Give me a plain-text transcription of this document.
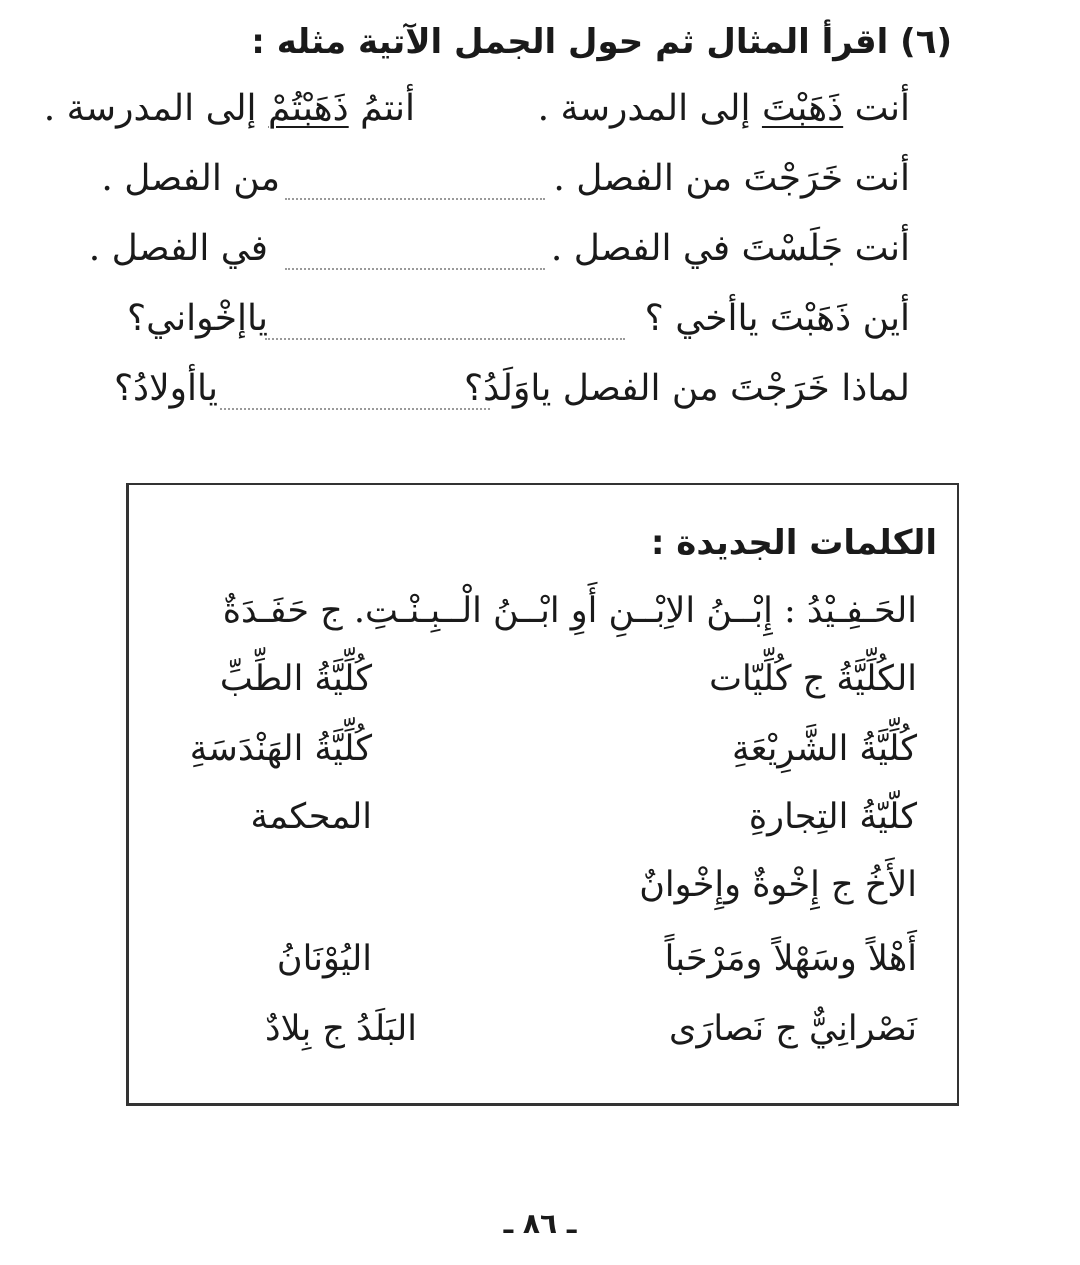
(٦) اقرأ المثال ثم حول الجمل الآتية مثله :
أنت ذَهَبْتَ إلى المدرسة .
أنتمُ ذَهَبْتُمْ إلى المدرسة .
أنت خَرَجْتَ من الفصل .
من الفصل .
أنت جَلَسْتَ في الفصل .
في الفصل .
أين ذَهَبْتَ ياأخي ؟
ياإخْواني؟
لماذا خَرَجْتَ من الفصل ياوَلَدُ؟
ياأولادُ؟
الكلمات الجديدة :
الحَـفِـيْدُ : إِبْــنُ الاِبْــنِ أَوِ ابْــنُ الْــبِـنْـتِ. ج حَفَـدَةٌ
الكُلِّيَّةُ ج كُلِّيّات
كُلِّيَّةُ الطِّبِّ
كُلِّيَّةُ الشَّرِيْعَةِ
كُلِّيَّةُ الهَنْدَسَةِ
كلّيّةُ التِجارةِ
المحكمة
الأَخُ ج إِخْوةٌ وإِخْوانٌ
أَهْلاً وسَهْلاً ومَرْحَباً
اليُوْنَانُ
نَصْرانِيٌّ ج نَصارَى
البَلَدُ ج بِلادٌ
ـ ٨٦ ـ
